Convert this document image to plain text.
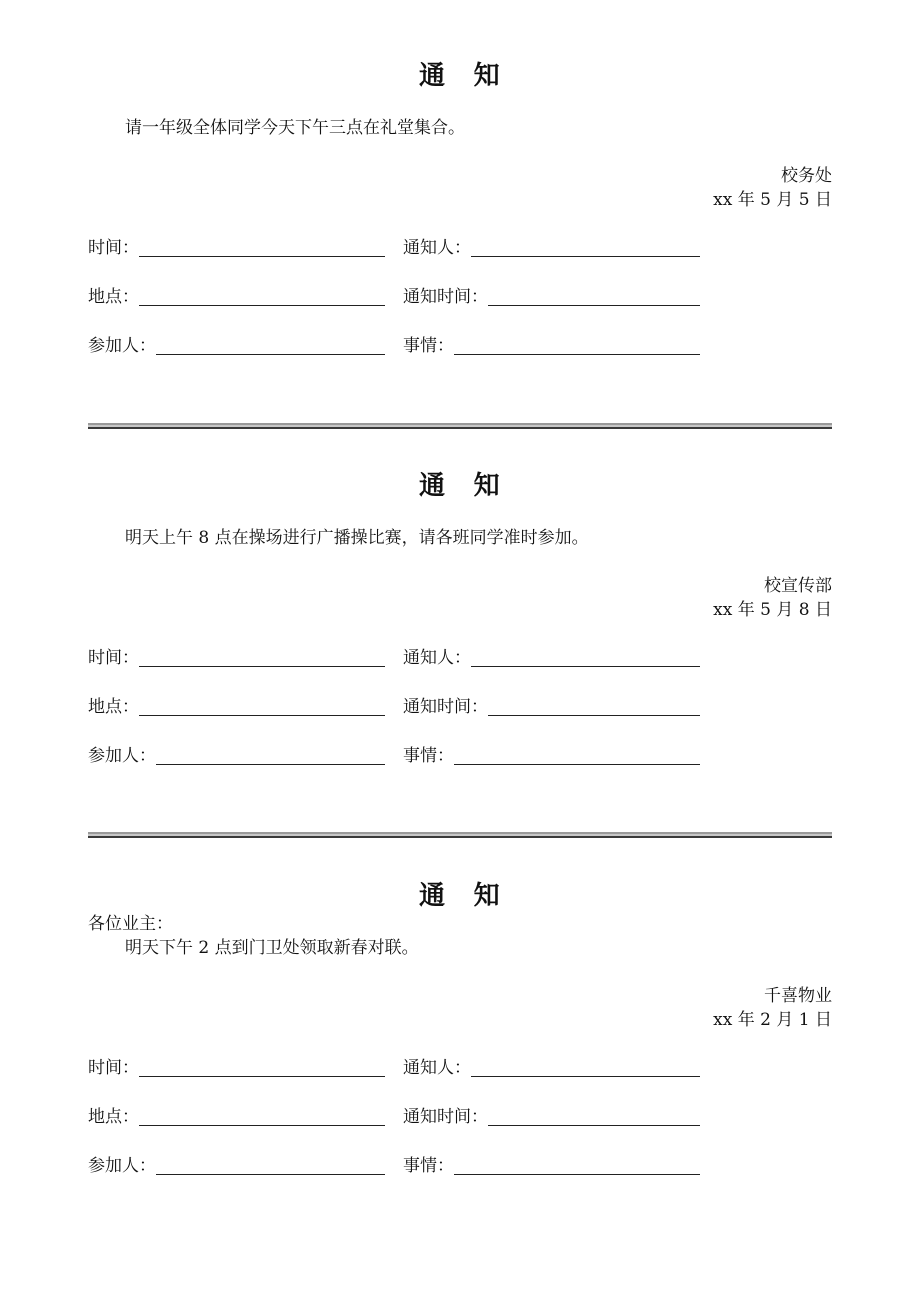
通　知
请一年级全体同学今天下午三点在礼堂集合。
校务处
xx 年 5 月 5 日
时间：	通知人：
地点：	通知时间：
参加人：	事情：
通　知
明天上午 8 点在操场进行广播操比赛，请各班同学准时参加。
校宣传部
xx 年 5 月 8 日
时间：	通知人：
地点：	通知时间：
参加人：	事情：
通　知
各位业主：
明天下午 2 点到门卫处领取新春对联。
千喜物业
xx 年 2 月 1 日
时间：	通知人：
地点：	通知时间：
参加人：	事情：
